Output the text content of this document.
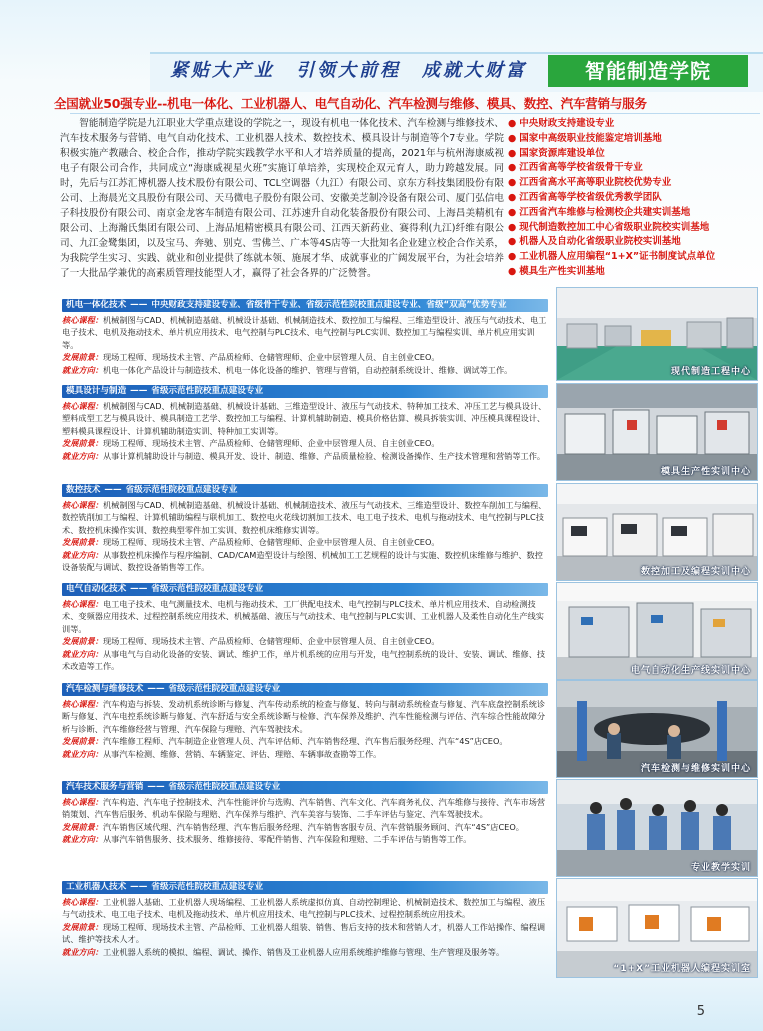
紧贴大产业　引领大前程　成就大财富	智能制造学院
全国就业50强专业--机电一体化、工业机器人、电气自动化、汽车检测与维修、模具、数控、汽车营销与服务

智能制造学院是九江职业大学重点建设的学院之一，现设有机电一体化技术、汽车检测与维修技术、汽车技术服务与营销、电气自动化技术、工业机器人技术、数控技术、模具设计与制造等个7专业。学院积极实施产教融合、校企合作，推动学院实践教学水平和人才培养质量的提高，2021年与杭州海康威视电子有限公司合作，共同成立“海康威视星火班”实施订单培养，实现校企双元育人，助力跨越发展。同时，先后与江苏汇博机器人技术股份有限公司、TCL空调器（九江）有限公司、京东方科技集团股份有限公司、上海晨光文具股份有限公司、天马微电子股份有限公司、安徽美芝制冷设备有限公司、厦门弘信电子科技股份有限公司、南京金龙客车制造有限公司、江苏速升自动化装备股份有限公司、上海昌美精机有限公司、上海瀚氏集团有限公司、上海品旭精密模具有限公司、江西天新药业、赛得利(九江)纤维有限公司、九江金鹭集团，以及宝马、奔驰、别克、雪佛兰、广本等4S店等一大批知名企业建立校企合作关系，为我院学生实习、实践、就业和创业提供了练就本领、施展才华、成就事业的广阔发展平台，为社会培养了一大批品学兼优的高素质管理技能型人才，赢得了社会各界的广泛赞誉。

● 中央财政支持建设专业
● 国家中高级职业技能鉴定培训基地
● 国家资源库建设单位
● 江西省高等学校省级骨干专业
● 江西省高水平高等职业院校优势专业
● 江西省高等学校省级优秀教学团队
● 江西省汽车维修与检测校企共建实训基地
● 现代制造数控加工中心省级职业院校实训基地
● 机器人及自动化省级职业院校实训基地
● 工业机器人应用编程“1+X”证书制度试点单位
● 模具生产性实训基地
机电一体化技术 —— 中央财政支持建设专业、省级骨干专业、省级示范性院校重点建设专业、省级“双高”优势专业

核心课程：机械制图与CAD、机械制造基础、机械设计基础、机械制造技术、数控加工与编程、三维造型设计、液压与气动技术、电工电子技术、电机及拖动技术、单片机应用技术、电气控制与PLC技术、电气控制与PLC实训、数控加工与编程实训、单片机应用实训等。

发展前景：现场工程师、现场技术主管、产品质检师、仓储管理师、企业中层管理人员、自主创业CEO。

就业方向：机电一体化产品设计与制造技术、机电一体化设备的维护、管理与营销，自动控制系统设计、维修、调试等工作。

模具设计与制造 —— 省级示范性院校重点建设专业

核心课程：机械制图与CAD、机械制造基础、机械设计基础、三维造型设计、液压与气动技术、特种加工技术、冲压工艺与模具设计、塑料成型工艺与模具设计、模具制造工艺学、数控加工与编程、计算机辅助制造、模具价格估算、模具拆装实训、冲压模具课程设计、塑料模具课程设计、计算机辅助制造实训、特种加工实训等。

发展前景：现场工程师、现场技术主管、产品质检师、仓储管理师、企业中层管理人员、自主创业CEO。

就业方向：从事计算机辅助设计与制造、模具开发、设计、制造、维修、产品质量检验、检测设备操作、生产技术管理和营销等工作。

数控技术 —— 省级示范性院校重点建设专业

核心课程：机械制图与CAD、机械制造基础、机械设计基础、机械制造技术、液压与气动技术、三维造型设计、数控车削加工与编程、数控铣削加工与编程、计算机辅助编程与联机加工、数控电火花线切割加工技术、电工电子技术、电机与拖动技术、电气控制与PLC技术、数控机床操作实训、数控典型零件加工实训、数控机床维修实训等。

发展前景：现场工程师、现场技术主管、产品质检师、仓储管理师、企业中层管理人员、自主创业CEO。

就业方向：从事数控机床操作与程序编制、CAD/CAM造型设计与绘图、机械加工工艺规程的设计与实施、数控机床维修与维护、数控设备装配与调试、数控设备销售等工作。

电气自动化技术 —— 省级示范性院校重点建设专业

核心课程：电工电子技术、电气测量技术、电机与拖动技术、工厂供配电技术、电气控制与PLC技术、单片机应用技术、自动检测技术、变频器应用技术、过程控制系统应用技术、机械基础、液压与气动技术、电气控制与PLC实训、工业机器人及柔性自动化生产线实训等。

发展前景：现场工程师、现场技术主管、产品质检师、仓储管理师、企业中层管理人员、自主创业CEO。

就业方向：从事电气与自动化设备的安装、调试、维护工作，单片机系统的应用与开发，电气控制系统的设计、安装、调试、维修、技术改造等工作。

汽车检测与维修技术 —— 省级示范性院校重点建设专业

核心课程：汽车构造与拆装、发动机系统诊断与修复、汽车传动系统的检查与修复、转向与制动系统检查与修复、汽车底盘控制系统诊断与修复、汽车电控系统诊断与修复、汽车舒适与安全系统诊断与检修、汽车保养及维护、汽车性能检测与评估、汽车综合性能故障分析与诊断、汽车维修经营与管理、汽车保险与理赔、汽车驾驶技术。

发展前景：汽车维修工程师、汽车制造企业管理人员、汽车评估师、汽车销售经理、汽车售后服务经理、汽车“4S”店CEO。

就业方向：从事汽车检测、维修、营销、车辆鉴定、评估、理赔、车辆事故查勘等工作。

汽车技术服务与营销 —— 省级示范性院校重点建设专业

核心课程：汽车构造、汽车电子控制技术、汽车性能评价与选购、汽车销售、汽车文化、汽车商务礼仪、汽车维修与接待、汽车市场营销策划、汽车售后服务、机动车保险与理赔、汽车保养与维护、汽车美容与装饰、二手车评估与鉴定、汽车驾驶技术。

发展前景：汽车销售区域代理、汽车销售经理、汽车售后服务经理、汽车销售客服专员、汽车营销服务顾问、汽车“4S”店CEO。

就业方向：从事汽车销售服务、技术服务、维修接待、零配件销售、汽车保险和理赔、二手车评估与销售等工作。

工业机器人技术 —— 省级示范性院校重点建设专业

核心课程：工业机器人基础、工业机器人现场编程、工业机器人系统虚拟仿真、自动控制理论、机械制造技术、数控加工与编程、液压与气动技术、电工电子技术、电机及拖动技术、单片机应用技术、电气控制与PLC技术、过程控制系统应用技术。

发展前景：现场工程师、现场技术主管、产品检师、工业机器人组装、销售、售后支持的技术和营销人才，机器人工作站操作、编程调试、维护等技术人才。

就业方向：工业机器人系统的模拟、编程、调试、操作、销售及工业机器人应用系统维护维修与管理、生产管理及服务等。

现代制造工程中心
模具生产性实训中心
数控加工及编程实训中心
电气自动化生产线实训中心
汽车检测与维修实训中心
专业教学实训
“1+X”工业机器人编程实训室
5
